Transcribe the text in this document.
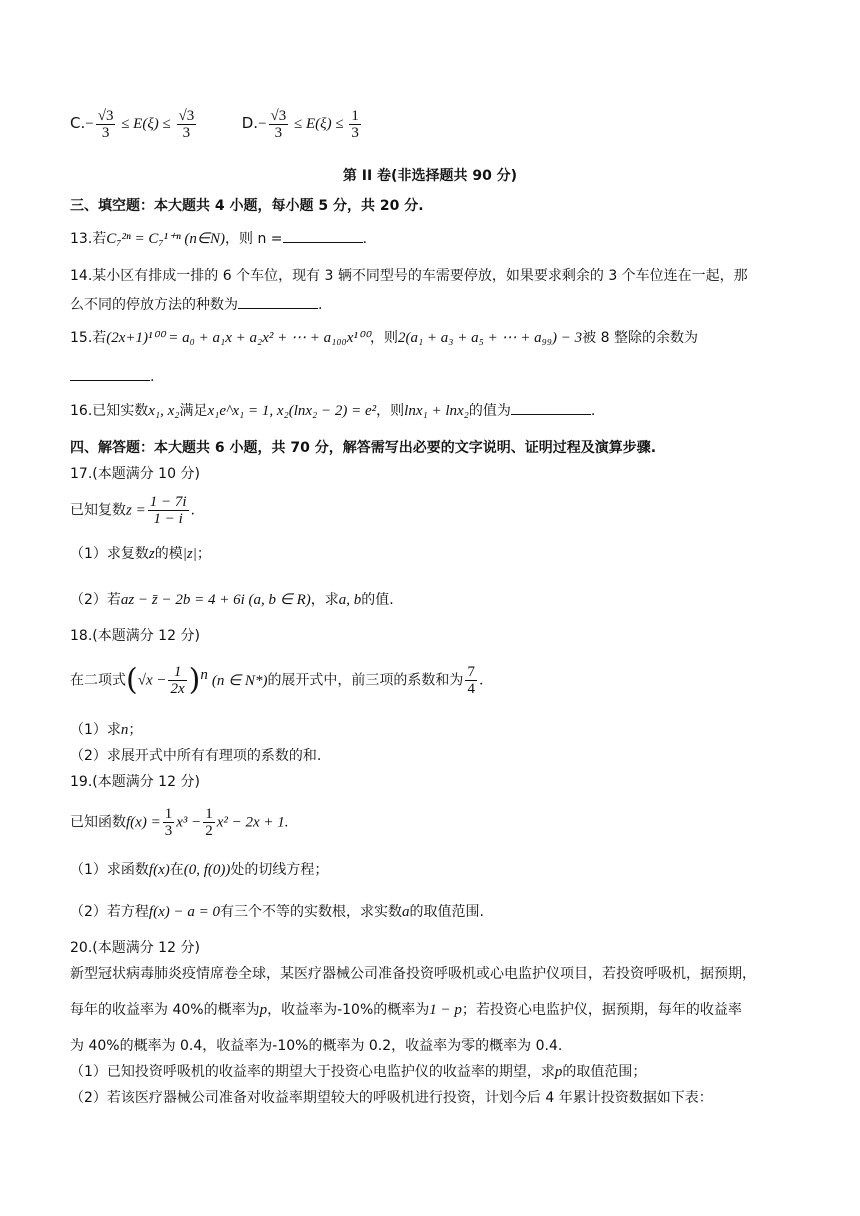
$C.- \frac{√3}{3} \le E(\xi) \le \frac{√3}{3}$	$D.- \frac{√3}{3} \le E(\xi) \le \frac{1}{3}$
第 II 卷(非选择题共 90 分)
三、填空题：本大题共 4 小题，每小题 5 分，共 20 分.
13.若C₇²ⁿ = C₇¹⁺ⁿ (n∈N)，则 n =	.
14.某小区有排成一排的 6 个车位，现有 3 辆不同型号的车需要停放，如果要求剩余的 3 个车位连在一起，那
么不同的停放方法的种数为	.
15.若(2x+1)¹⁰⁰ = a₀ + a₁x + a₂x² + ⋯ + a₁₀₀x¹⁰⁰，则2(a₁ + a₃ + a₅ + ⋯ + a₉₉) − 3被 8 整除的余数为
.
16.已知实数x₁, x₂满足x₁e^x₁ = 1, x₂(lnx₂ − 2) = e²，则lnx₁ + lnx₂的值为	.
四、解答题：本大题共 6 小题，共 70 分，解答需写出必要的文字说明、证明过程及演算步骤.
17.(本题满分 10 分)
已知复数$z = \frac{1 - 7i}{1 - i}$ .
（1）求复数z的模|z|；
（2）若az − z̄ − 2b = 4 + 6i (a, b ∈ R)，求a, b的值.
18.(本题满分 12 分)
在二项式$(√x - \frac{1}{2x} )^n$ (n ∈ N*)的展开式中，前三项的系数和为 $\frac{7}{4}$ .
（1）求n；
（2）求展开式中所有有理项的系数的和.
19.(本题满分 12 分)
已知函数$f(x) = \frac{1}{3} x^3 - \frac{1}{2} x^2 - 2x + 1$.
（1）求函数f(x)在(0, f(0))处的切线方程；
（2）若方程f(x) − a = 0有三个不等的实数根，求实数a的取值范围.
20.(本题满分 12 分)
新型冠状病毒肺炎疫情席卷全球，某医疗器械公司准备投资呼吸机或心电监护仪项目，若投资呼吸机，据预期，
每年的收益率为 40%的概率为p，收益率为-10%的概率为1 − p；若投资心电监护仪，据预期，每年的收益率
为 40%的概率为 0.4，收益率为-10%的概率为 0.2，收益率为零的概率为 0.4.
（1）已知投资呼吸机的收益率的期望大于投资心电监护仪的收益率的期望，求p的取值范围；
（2）若该医疗器械公司准备对收益率期望较大的呼吸机进行投资，计划今后 4 年累计投资数据如下表：
